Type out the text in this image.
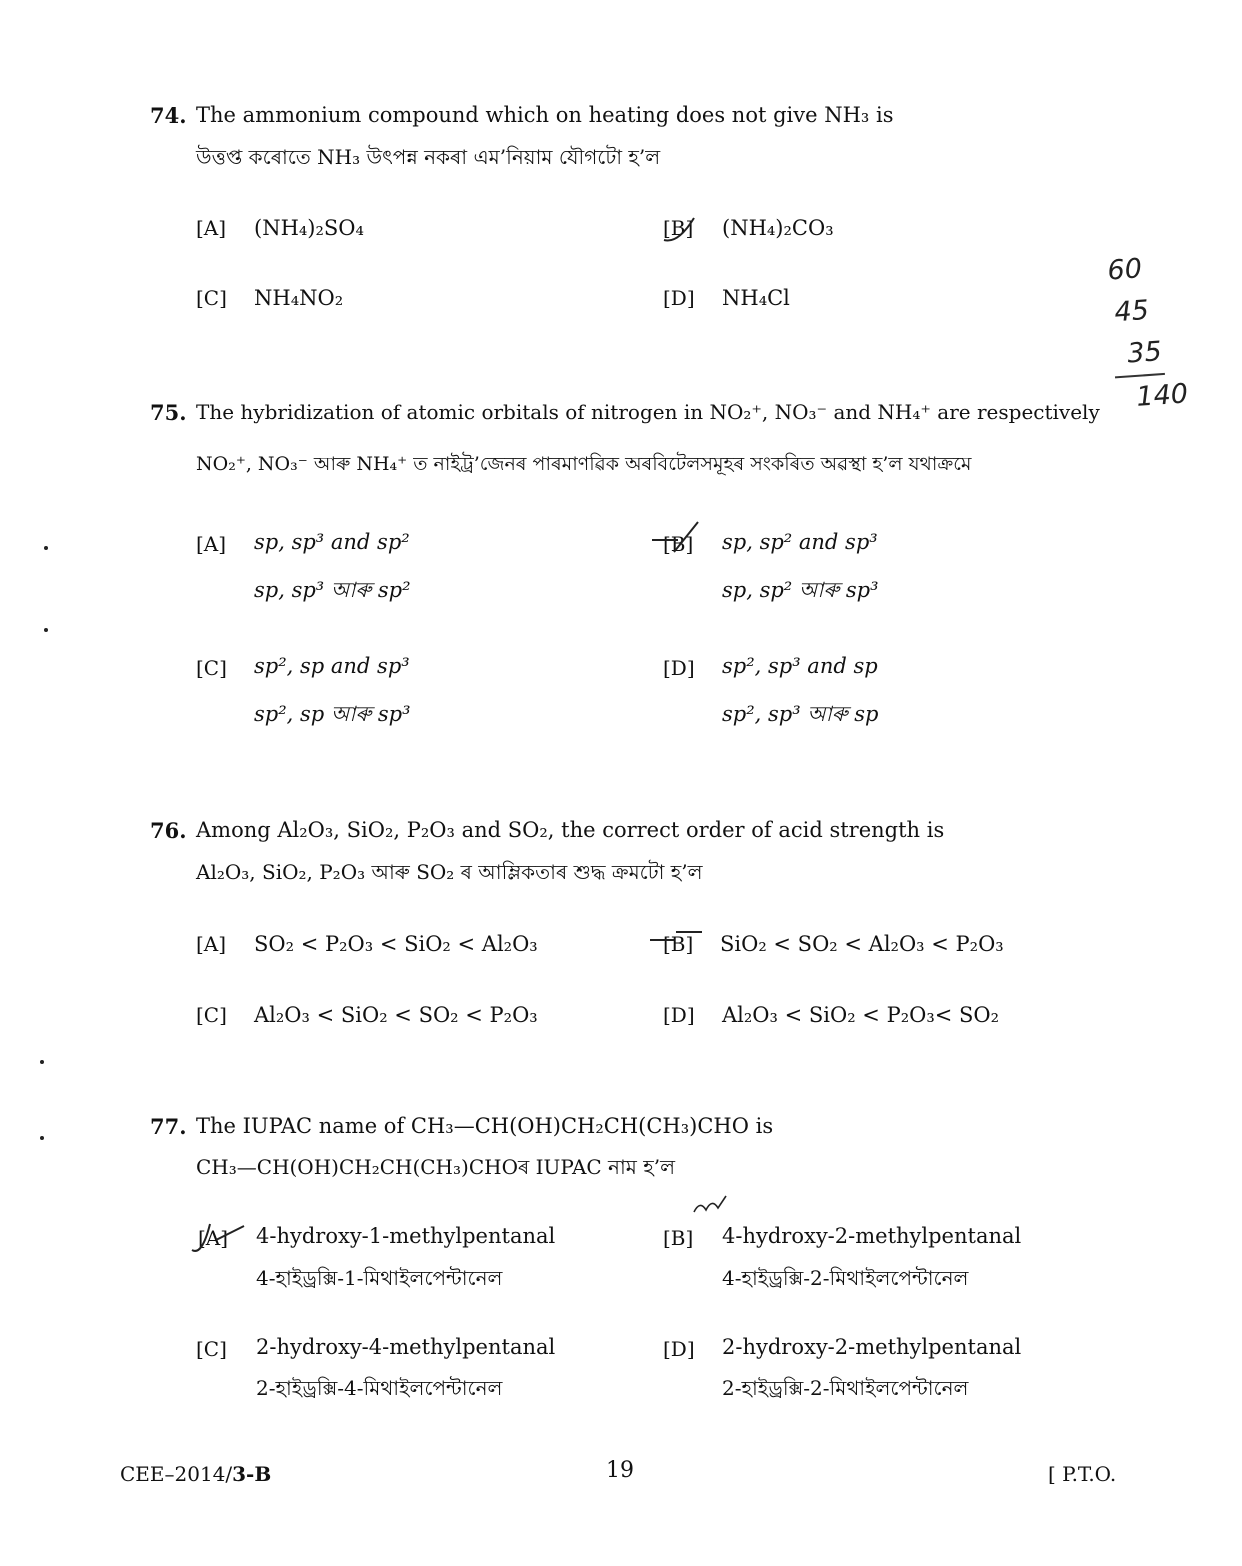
74. The ammonium compound which on heating does not give NH₃ is
উত্তপ্ত কৰোতে NH₃ উৎপন্ন নকৰা এম’নিয়াম যৌগটো হ’ল
[A] (NH₄)₂SO₄	[B] (NH₄)₂CO₃
[C] NH₄NO₂	[D] NH₄Cl
75. The hybridization of atomic orbitals of nitrogen in NO₂⁺, NO₃⁻ and NH₄⁺ are respectively
NO₂⁺, NO₃⁻ আৰু NH₄⁺ ত নাইট্ৰ’জেনৰ পাৰমাণৱিক অৰবিটেলসমূহৰ সংকৰিত অৱস্থা হ’ল যথাক্ৰমে
[A] sp, sp³ and sp²
sp, sp³ আৰু sp²
[B] sp, sp² and sp³
sp, sp² আৰু sp³
[C] sp², sp and sp³
sp², sp আৰু sp³
[D] sp², sp³ and sp
sp², sp³ আৰু sp
76. Among Al₂O₃, SiO₂, P₂O₃ and SO₂, the correct order of acid strength is
Al₂O₃, SiO₂, P₂O₃ আৰু SO₂ ৰ আম্লিকতাৰ শুদ্ধ ক্ৰমটো হ’ল
[A] SO₂ < P₂O₃ < SiO₂ < Al₂O₃	[B] SiO₂ < SO₂ < Al₂O₃ < P₂O₃
[C] Al₂O₃ < SiO₂ < SO₂ < P₂O₃	[D] Al₂O₃ < SiO₂ < P₂O₃< SO₂
77. The IUPAC name of CH₃—CH(OH)CH₂CH(CH₃)CHO is
CH₃—CH(OH)CH₂CH(CH₃)CHOৰ IUPAC নাম হ’ল
[A] 4-hydroxy-1-methylpentanal
4-হাইড্ৰক্সি-1-মিথাইলপেন্টানেল
[B] 4-hydroxy-2-methylpentanal
4-হাইড্ৰক্সি-2-মিথাইলপেন্টানেল
[C] 2-hydroxy-4-methylpentanal
2-হাইড্ৰক্সি-4-মিথাইলপেন্টানেল
[D] 2-hydroxy-2-methylpentanal
2-হাইড্ৰক্সি-2-মিথাইলপেন্টানেল
CEE–2014/3-B	19	[ P.T.O.
60
45
35
140
